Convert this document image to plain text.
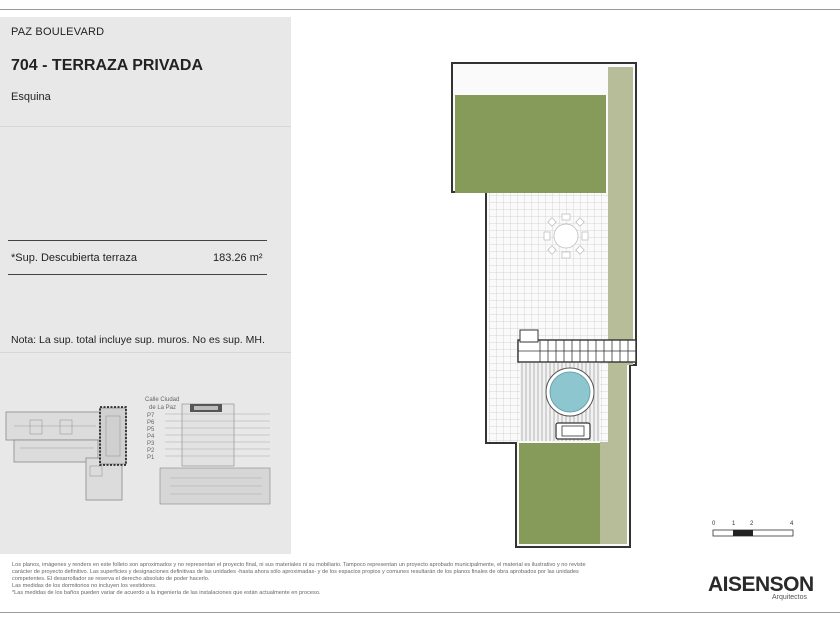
PAZ BOULEVARD
704 - TERRAZA PRIVADA
Esquina
*Sup. Descubierta terraza	183.26 m²
Nota: La sup. total incluye sup. muros. No es sup. MH.
Calle Ciudad
de La Paz
P7
P6
P5
P4
P3
P2
P1
0	1 2	4
Los planos, imágenes y renders en este folleto son aproximados y no representan el proyecto final, ni sus materiales ni su mobiliario. Tampoco representan un proyecto aprobado municipalmente, el material es ilustrativo y no reviste
carácter de proyecto definitivo. Las superficies y designaciones definitivas de las unidades -hasta ahora sólo aproximadas- y de los espacios propios y comunes resultarán de los planos finales de obra aprobados por las unidades
competentes. El desarrollador se reserva el derecho absoluto de poder hacerlo.
Las medidas de los dormitorios no incluyen los vestidores.
*Las medidas de los baños pueden variar de acuerdo a la ingeniería de las instalaciones que están actualmente en proceso.	AISENSON
Arquitectos
